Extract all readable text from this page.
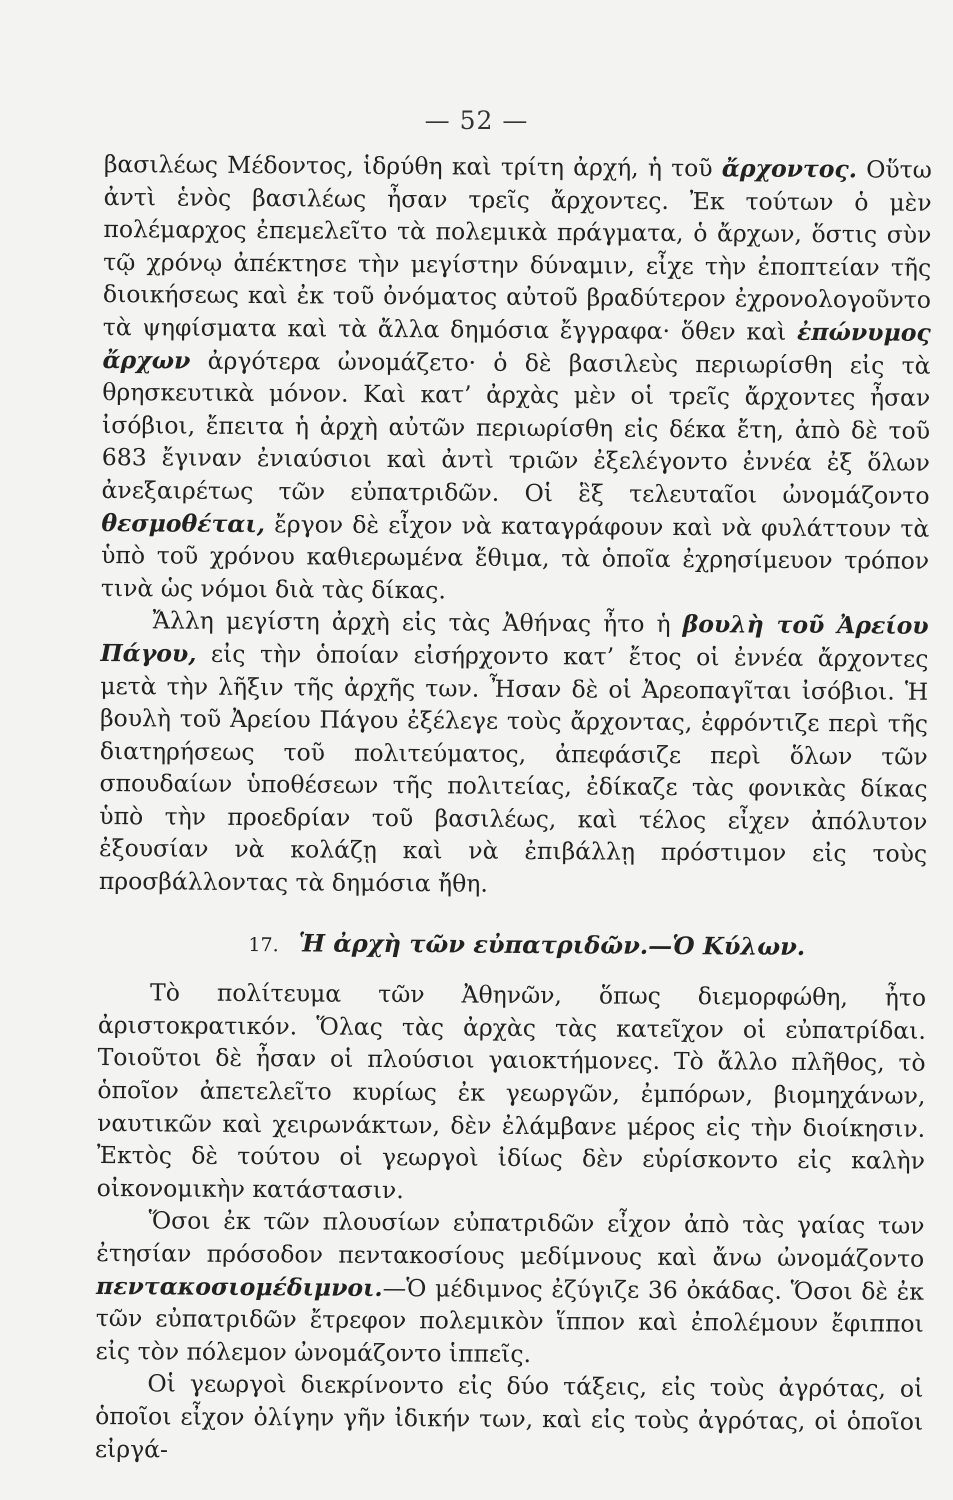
— 52 —

βασιλέως Μέδοντος, ἱδρύθη καὶ τρίτη ἀρχή, ἡ τοῦ ἄρχοντος. Οὕτω ἀντὶ ἑνὸς βασιλέως ἦσαν τρεῖς ἄρχοντες. Ἐκ τούτων ὁ μὲν πολέμαρχος ἐπεμελεῖτο τὰ πολεμικὰ πράγματα, ὁ ἄρχων, ὅστις σὺν τῷ χρόνῳ ἀπέκτησε τὴν μεγίστην δύναμιν, εἶχε τὴν ἐποπτείαν τῆς διοικήσεως καὶ ἐκ τοῦ ὀνόματος αὐτοῦ βραδύτερον ἐχρονολογοῦντο τὰ ψηφίσματα καὶ τὰ ἄλλα δημόσια ἔγγραφα· ὅθεν καὶ ἐπώνυμος ἄρχων ἀργότερα ὠνομάζετο· ὁ δὲ βασιλεὺς περιωρίσθη εἰς τὰ θρησκευτικὰ μόνον. Καὶ κατ’ ἀρχὰς μὲν οἱ τρεῖς ἄρχοντες ἦσαν ἰσόβιοι, ἔπειτα ἡ ἀρχὴ αὐτῶν περιωρίσθη εἰς δέκα ἔτη, ἀπὸ δὲ τοῦ 683 ἔγιναν ἐνιαύσιοι καὶ ἀντὶ τριῶν ἐξελέγοντο ἐννέα ἐξ ὅλων ἀνεξαιρέτως τῶν εὐπατριδῶν. Οἱ ἓξ τελευταῖοι ὠνομάζοντο θεσμοθέται, ἔργον δὲ εἶχον νὰ καταγράφουν καὶ νὰ φυλάττουν τὰ ὑπὸ τοῦ χρόνου καθιερωμένα ἔθιμα, τὰ ὁποῖα ἐχρησίμευον τρόπον τινὰ ὡς νόμοι διὰ τὰς δίκας.

Ἄλλη μεγίστη ἀρχὴ εἰς τὰς Ἀθήνας ἦτο ἡ βουλὴ τοῦ Ἀρείου Πάγου, εἰς τὴν ὁποίαν εἰσήρχοντο κατ’ ἔτος οἱ ἐννέα ἄρχοντες μετὰ τὴν λῆξιν τῆς ἀρχῆς των. Ἦσαν δὲ οἱ Ἀρεοπαγῖται ἰσόβιοι. Ἡ βουλὴ τοῦ Ἀρείου Πάγου ἐξέλεγε τοὺς ἄρχοντας, ἐφρόντιζε περὶ τῆς διατηρήσεως τοῦ πολιτεύματος, ἀπεφάσιζε περὶ ὅλων τῶν σπουδαίων ὑποθέσεων τῆς πολιτείας, ἐδίκαζε τὰς φονικὰς δίκας ὑπὸ τὴν προεδρίαν τοῦ βασιλέως, καὶ τέλος εἶχεν ἀπόλυτον ἐξουσίαν νὰ κολάζῃ καὶ νὰ ἐπιβάλλῃ πρόστιμον εἰς τοὺς προσβάλλοντας τὰ δημόσια ἤθη.

17. Ἡ ἀρχὴ τῶν εὐπατριδῶν.—Ὁ Κύλων.

Τὸ πολίτευμα τῶν Ἀθηνῶν, ὅπως διεμορφώθη, ἦτο ἀριστοκρατικόν. Ὅλας τὰς ἀρχὰς τὰς κατεῖχον οἱ εὐπατρίδαι. Τοιοῦτοι δὲ ἦσαν οἱ πλούσιοι γαιοκτήμονες. Τὸ ἄλλο πλῆθος, τὸ ὁποῖον ἀπετελεῖτο κυρίως ἐκ γεωργῶν, ἐμπόρων, βιομηχάνων, ναυτικῶν καὶ χειρωνάκτων, δὲν ἐλάμβανε μέρος εἰς τὴν διοίκησιν. Ἐκτὸς δὲ τούτου οἱ γεωργοὶ ἰδίως δὲν εὑρίσκοντο εἰς καλὴν οἰκονομικὴν κατάστασιν.

Ὅσοι ἐκ τῶν πλουσίων εὐπατριδῶν εἶχον ἀπὸ τὰς γαίας των ἐτησίαν πρόσοδον πεντακοσίους μεδίμνους καὶ ἄνω ὠνομάζοντο πεντακοσιομέδιμνοι.—Ὁ μέδιμνος ἐζύγιζε 36 ὀκάδας. Ὅσοι δὲ ἐκ τῶν εὐπατριδῶν ἔτρεφον πολεμικὸν ἵππον καὶ ἐπολέμουν ἔφιπποι εἰς τὸν πόλεμον ὠνομάζοντο ἱππεῖς.

Οἱ γεωργοὶ διεκρίνοντο εἰς δύο τάξεις, εἰς τοὺς ἀγρότας, οἱ ὁποῖοι εἶχον ὀλίγην γῆν ἰδικήν των, καὶ εἰς τοὺς ἀγρότας, οἱ ὁποῖοι εἰργά-
